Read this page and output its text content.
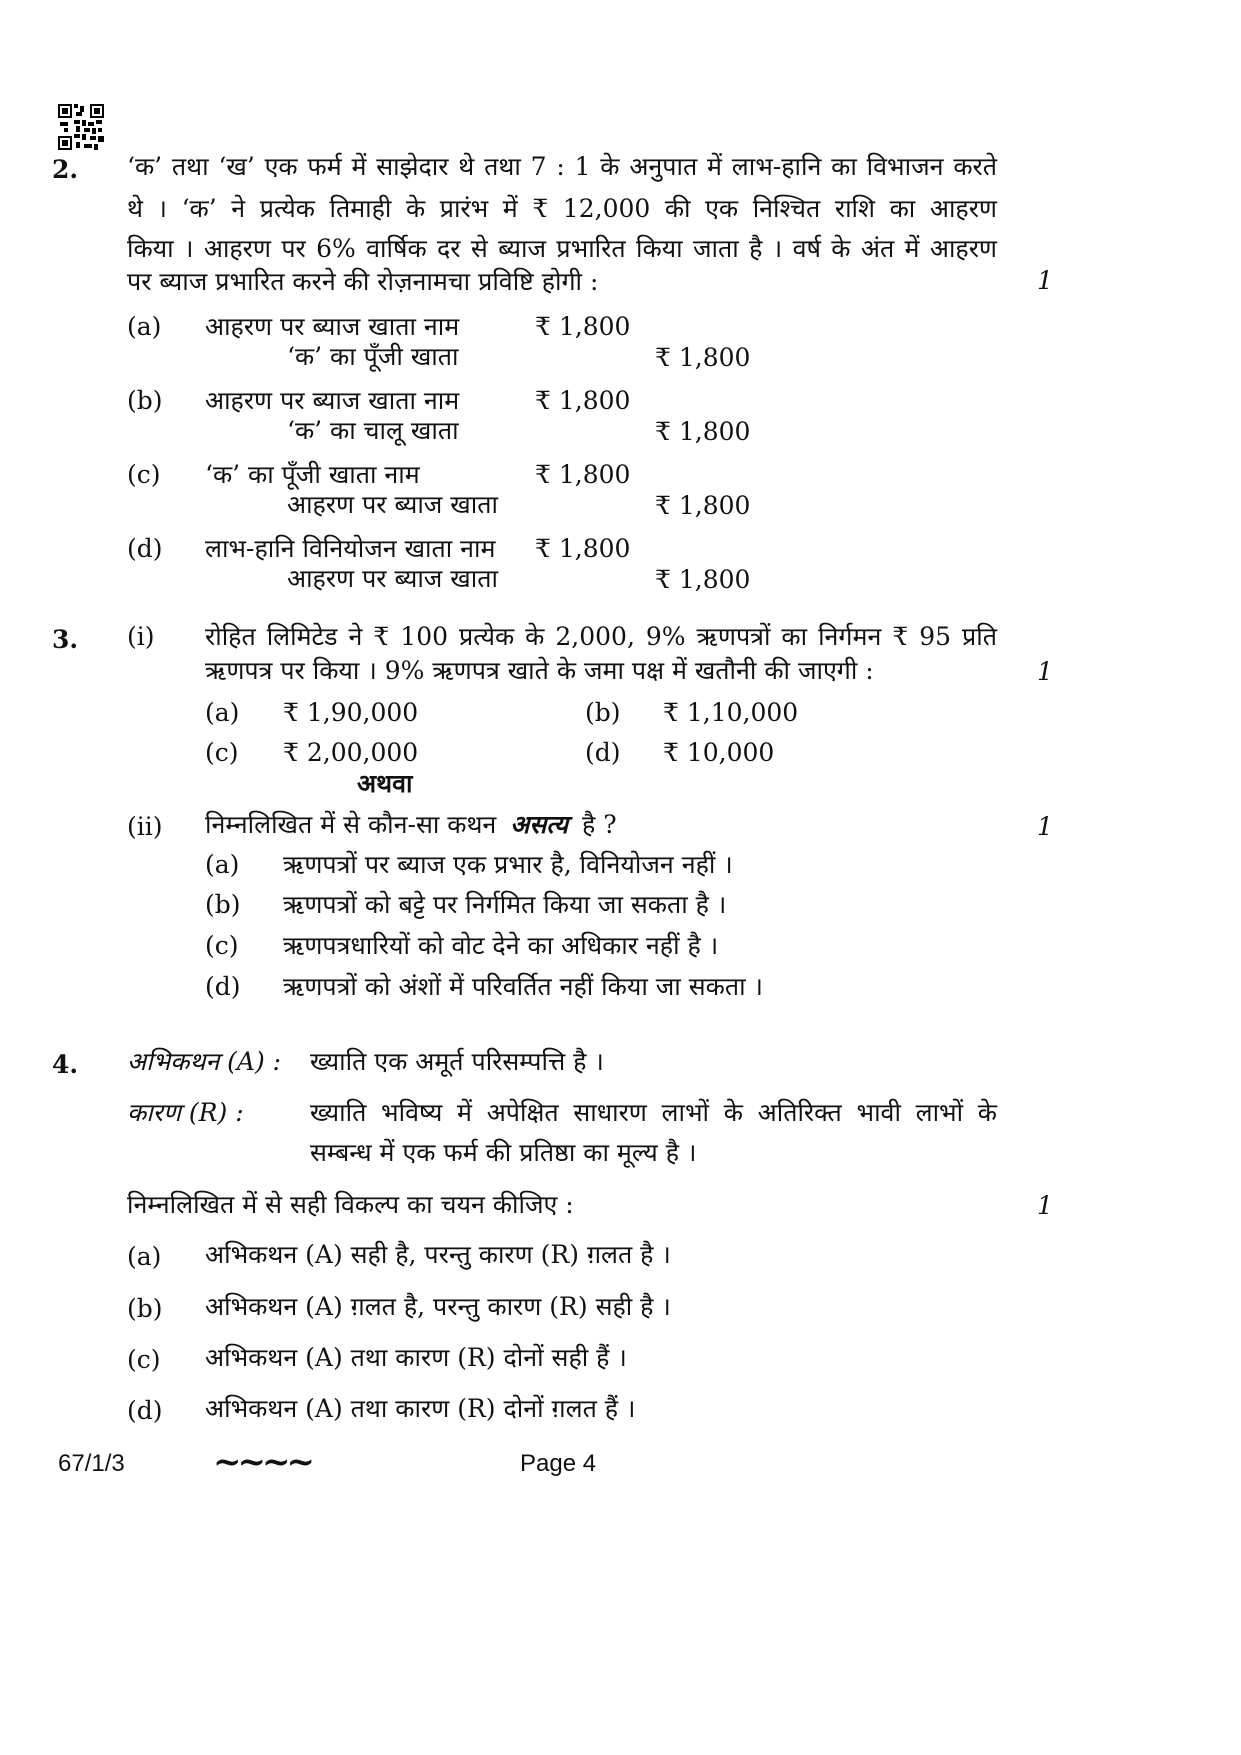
2. ‘क’ तथा ‘ख’ एक फर्म में साझेदार थे तथा 7 : 1 के अनुपात में लाभ-हानि का विभाजन करते
थे । ‘क’ ने प्रत्येक तिमाही के प्रारंभ में ₹ 12,000 की एक निश्चित राशि का आहरण
किया । आहरण पर 6% वार्षिक दर से ब्याज प्रभारित किया जाता है । वर्ष के अंत में आहरण
पर ब्याज प्रभारित करने की रोज़नामचा प्रविष्टि होगी :	1
(a) आहरण पर ब्याज खाता नाम	₹ 1,800
‘क’ का पूँजी खाता	₹ 1,800
(b) आहरण पर ब्याज खाता नाम	₹ 1,800
‘क’ का चालू खाता	₹ 1,800
(c) ‘क’ का पूँजी खाता नाम	₹ 1,800
आहरण पर ब्याज खाता	₹ 1,800
(d) लाभ-हानि विनियोजन खाता नाम ₹ 1,800
आहरण पर ब्याज खाता	₹ 1,800
3. (i) रोहित लिमिटेड ने ₹ 100 प्रत्येक के 2,000, 9% ऋणपत्रों का निर्गमन ₹ 95 प्रति
ऋणपत्र पर किया । 9% ऋणपत्र खाते के जमा पक्ष में खतौनी की जाएगी :	1
(a) ₹ 1,90,000	(b) ₹ 1,10,000
(c) ₹ 2,00,000	(d) ₹ 10,000
अथवा
(ii) निम्नलिखित में से कौन-सा कथन असत्य है ?	1
(a) ऋणपत्रों पर ब्याज एक प्रभार है, विनियोजन नहीं ।
(b) ऋणपत्रों को बट्टे पर निर्गमित किया जा सकता है ।
(c) ऋणपत्रधारियों को वोट देने का अधिकार नहीं है ।
(d) ऋणपत्रों को अंशों में परिवर्तित नहीं किया जा सकता ।
4. अभिकथन (A) : ख्याति एक अमूर्त परिसम्पत्ति है ।
कारण (R) :	ख्याति भविष्य में अपेक्षित साधारण लाभों के अतिरिक्त भावी लाभों के
सम्बन्ध में एक फर्म की प्रतिष्ठा का मूल्य है ।
निम्नलिखित में से सही विकल्प का चयन कीजिए :	1
(a) अभिकथन (A) सही है, परन्तु कारण (R) ग़लत है ।
(b) अभिकथन (A) ग़लत है, परन्तु कारण (R) सही है ।
(c) अभिकथन (A) तथा कारण (R) दोनों सही हैं ।
(d) अभिकथन (A) तथा कारण (R) दोनों ग़लत हैं ।
67/1/3	~~~~	Page 4
